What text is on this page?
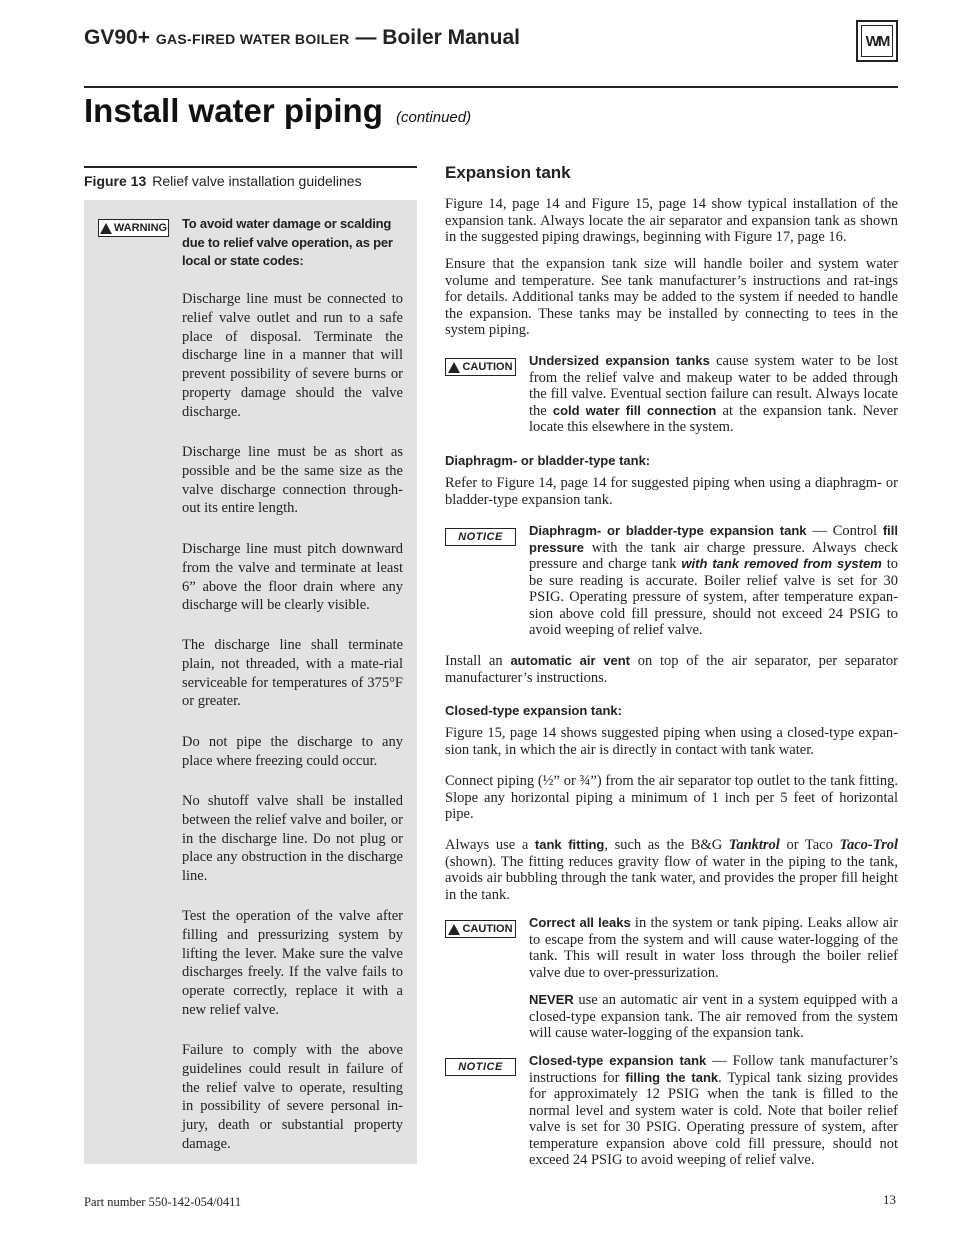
GV90+ GAS-FIRED WATER BOILER — Boiler Manual	WM
Install water piping (continued)
Figure 13 Relief valve installation guidelines
WARNING To avoid water damage or scalding due to relief valve operation, as per local or state codes:
Discharge line must be connected to relief valve outlet and run to a safe place of disposal. Terminate the discharge line in a manner that will prevent possibility of severe burns or property damage should the valve discharge.
Discharge line must be as short as possible and be the same size as the valve discharge connection through-out its entire length.
Discharge line must pitch downward from the valve and terminate at least 6” above the floor drain where any discharge will be clearly visible.
The discharge line shall terminate plain, not threaded, with a mate-rial serviceable for temperatures of 375°F or greater.
Do not pipe the discharge to any place where freezing could occur.
No shutoff valve shall be installed between the relief valve and boiler, or in the discharge line. Do not plug or place any obstruction in the discharge line.
Test the operation of the valve after filling and pressurizing system by lifting the lever. Make sure the valve discharges freely. If the valve fails to operate correctly, replace it with a new relief valve.
Failure to comply with the above guidelines could result in failure of the relief valve to operate, resulting in possibility of severe personal in-jury, death or substantial property damage.
Expansion tank
Figure 14, page 14 and Figure 15, page 14 show typical installation of the expansion tank. Always locate the air separator and expansion tank as shown in the suggested piping drawings, beginning with Figure 17, page 16.
Ensure that the expansion tank size will handle boiler and system water volume and temperature. See tank manufacturer’s instructions and rat-ings for details. Additional tanks may be added to the system if needed to handle the expansion. These tanks may be installed by connecting to tees in the system piping.
CAUTION Undersized expansion tanks cause system water to be lost from the relief valve and makeup water to be added through the fill valve. Eventual section failure can result. Always locate the cold water fill connection at the expansion tank. Never locate this elsewhere in the system.
Diaphragm- or bladder-type tank:
Refer to Figure 14, page 14 for suggested piping when using a diaphragm- or bladder-type expansion tank.
NOTICE	Diaphragm- or bladder-type expansion tank — Control fill pressure with the tank air charge pressure. Always check pressure and charge tank with tank removed from system to be sure reading is accurate. Boiler relief valve is set for 30 PSIG. Operating pressure of system, after temperature expan-sion above cold fill pressure, should not exceed 24 PSIG to avoid weeping of relief valve.
Install an automatic air vent on top of the air separator, per separator manufacturer’s instructions.
Closed-type expansion tank:
Figure 15, page 14 shows suggested piping when using a closed-type expan-sion tank, in which the air is directly in contact with tank water.
Connect piping (½” or ¾”) from the air separator top outlet to the tank fitting. Slope any horizontal piping a minimum of 1 inch per 5 feet of horizontal pipe.
Always use a tank fitting, such as the B&G Tanktrol or Taco Taco-Trol (shown). The fitting reduces gravity flow of water in the piping to the tank, avoids air bubbling through the tank water, and provides the proper fill height in the tank.
CAUTION Correct all leaks in the system or tank piping. Leaks allow air to escape from the system and will cause water-logging of the tank. This will result in water loss through the boiler relief valve due to over-pressurization.
NEVER use an automatic air vent in a system equipped with a closed-type expansion tank. The air removed from the system will cause water-logging of the expansion tank.
NOTICE	Closed-type expansion tank — Follow tank manufacturer’s instructions for filling the tank. Typical tank sizing provides for approximately 12 PSIG when the tank is filled to the normal level and system water is cold. Note that boiler relief valve is set for 30 PSIG. Operating pressure of system, after temperature expansion above cold fill pressure, should not exceed 24 PSIG to avoid weeping of relief valve.
Part number 550-142-054/0411	13
